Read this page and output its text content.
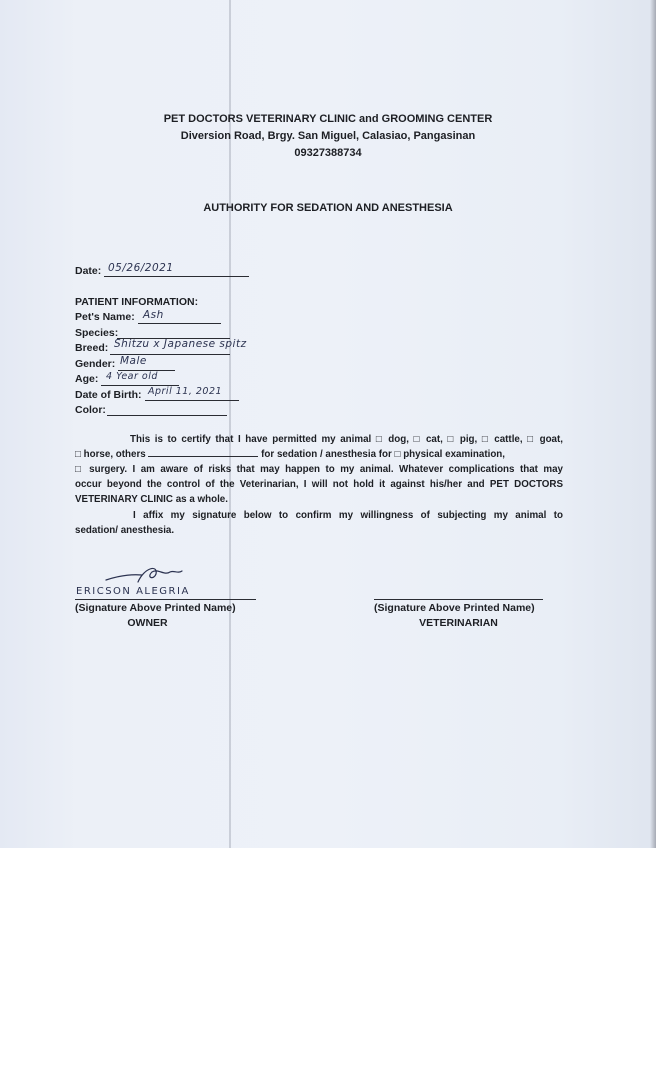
PET DOCTORS VETERINARY CLINIC and GROOMING CENTER
Diversion Road, Brgy. San Miguel, Calasiao, Pangasinan
09327388734
AUTHORITY FOR SEDATION AND ANESTHESIA
Date: 05/26/2021
PATIENT INFORMATION:
Pet's Name: Ash
Species:
Breed: Shitzu x Japanese spitz
Gender: Male
Age: 4 Year old
Date of Birth: April 11, 2021
Color:
This is to certify that I have permitted my animal □ dog, □ cat, □ pig, □ cattle, □ goat,
□ horse, others	for sedation / anesthesia for □ physical examination,
□ surgery. I am aware of risks that may happen to my animal. Whatever complications that may
occur beyond the control of the Veterinarian, I will not hold it against his/her and PET DOCTORS
VETERINARY CLINIC as a whole.
I affix my signature below to confirm my willingness of subjecting my animal to
sedation/ anesthesia.
ERICSON ALEGRIA
(Signature Above Printed Name)
OWNER
(Signature Above Printed Name)
VETERINARIAN
